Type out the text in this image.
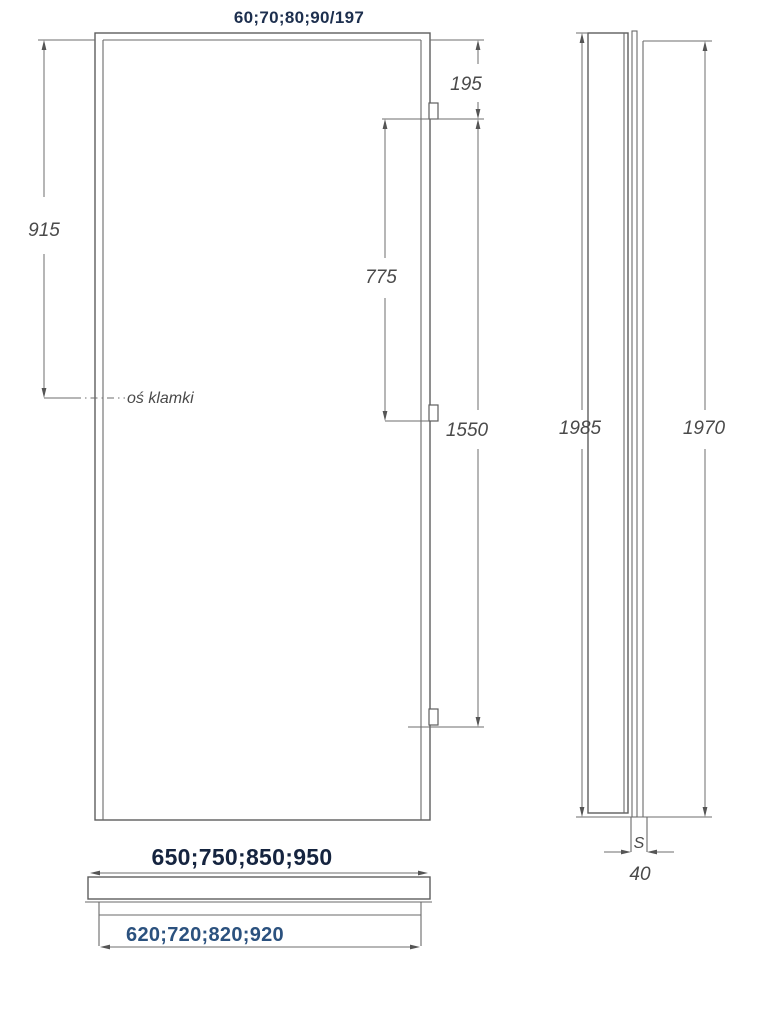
915
oś klamki
195
775
1550
60;70;80;90/197
1985	1970
S
40
650;750;850;950
620;720;820;920
